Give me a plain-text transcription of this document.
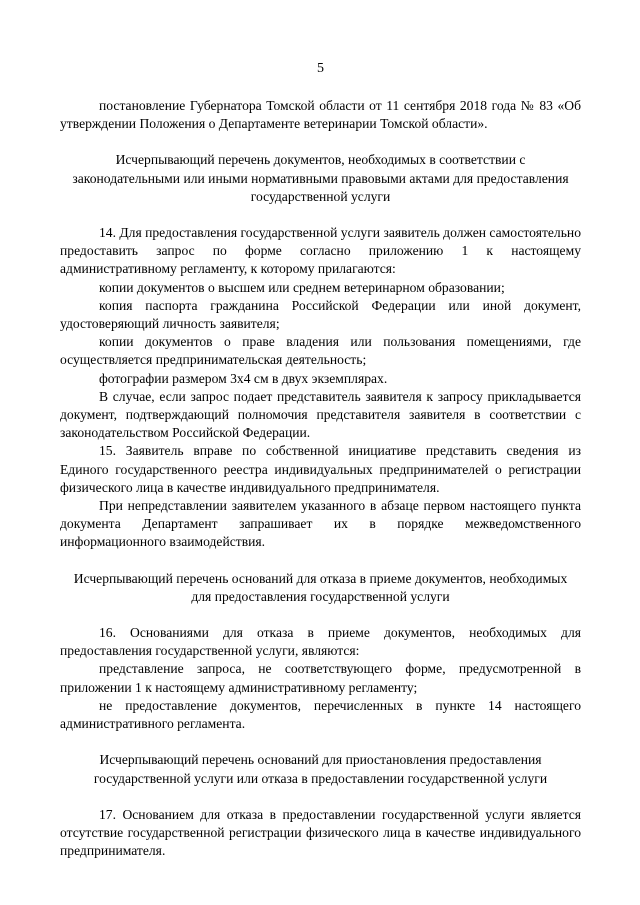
5

постановление Губернатора Томской области от 11 сентября 2018 года № 83 «Об утверждении Положения о Департаменте ветеринарии Томской области».

Исчерпывающий перечень документов, необходимых в соответствии с законодательными или иными нормативными правовыми актами для предоставления государственной услуги

14. Для предоставления государственной услуги заявитель должен самостоятельно предоставить запрос по форме согласно приложению 1 к настоящему административному регламенту, к которому прилагаются:

копии документов о высшем или среднем ветеринарном образовании;

копия паспорта гражданина Российской Федерации или иной документ, удостоверяющий личность заявителя;

копии документов о праве владения или пользования помещениями, где осуществляется предпринимательская деятельность;

фотографии размером 3х4 см в двух экземплярах.

В случае, если запрос подает представитель заявителя к запросу прикладывается документ, подтверждающий полномочия представителя заявителя в соответствии с законодательством Российской Федерации.

15. Заявитель вправе по собственной инициативе представить сведения из Единого государственного реестра индивидуальных предпринимателей о регистрации физического лица в качестве индивидуального предпринимателя.

При непредставлении заявителем указанного в абзаце первом настоящего пункта документа Департамент запрашивает их в порядке межведомственного информационного взаимодействия.

Исчерпывающий перечень оснований для отказа в приеме документов, необходимых для предоставления государственной услуги

16. Основаниями для отказа в приеме документов, необходимых для предоставления государственной услуги, являются:

представление запроса, не соответствующего форме, предусмотренной в приложении 1 к настоящему административному регламенту;

не предоставление документов, перечисленных в пункте 14 настоящего административного регламента.

Исчерпывающий перечень оснований для приостановления предоставления государственной услуги или отказа в предоставлении государственной услуги

17. Основанием для отказа в предоставлении государственной услуги является отсутствие государственной регистрации физического лица в качестве индивидуального предпринимателя.
